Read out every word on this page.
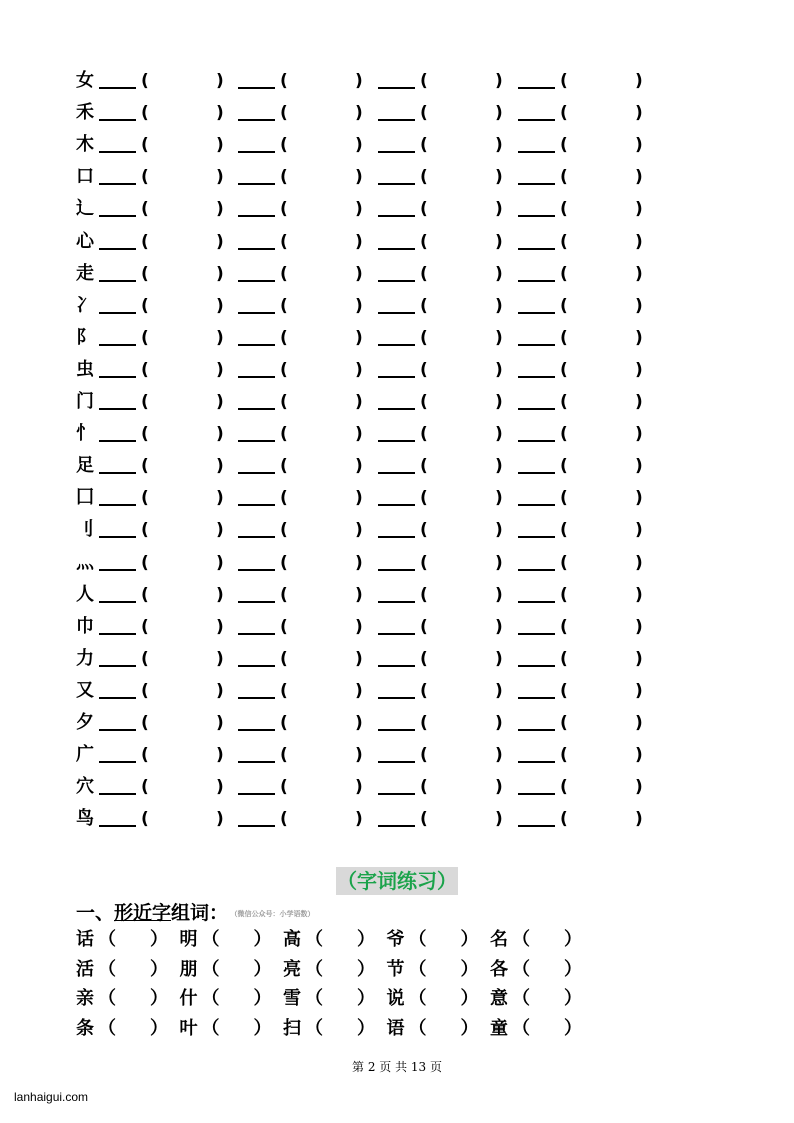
女	(	)	(	)	(	)	(	)
禾	(	)	(	)	(	)	(	)
木	(	)	(	)	(	)	(	)
口	(	)	(	)	(	)	(	)
辶	(	)	(	)	(	)	(	)
心	(	)	(	)	(	)	(	)
走	(	)	(	)	(	)	(	)
冫	(	)	(	)	(	)	(	)
阝	(	)	(	)	(	)	(	)
虫	(	)	(	)	(	)	(	)
门	(	)	(	)	(	)	(	)
忄	(	)	(	)	(	)	(	)
足	(	)	(	)	(	)	(	)
囗	(	)	(	)	(	)	(	)
刂	(	)	(	)	(	)	(	)
灬	(	)	(	)	(	)	(	)
人	(	)	(	)	(	)	(	)
巾	(	)	(	)	(	)	(	)
力	(	)	(	)	(	)	(	)
又	(	)	(	)	(	)	(	)
夕	(	)	(	)	(	)	(	)
广	(	)	(	)	(	)	(	)
穴	(	)	(	)	(	)	(	)
鸟	(	)	(	)	(	)	(	)
（字词练习）
一、形近字组词： （微信公众号：小学语数）
话 （ ） 明 （ ） 高 （ ） 爷 （ ） 名 （ ）
活 （ ） 朋 （ ） 亮 （ ） 节 （ ） 各 （ ）
亲 （ ） 什 （ ） 雪 （ ） 说 （ ） 意 （ ）
条 （ ） 叶 （ ） 扫 （ ） 语 （ ） 童 （ ）
第 2 页 共 13 页
lanhaigui.com
